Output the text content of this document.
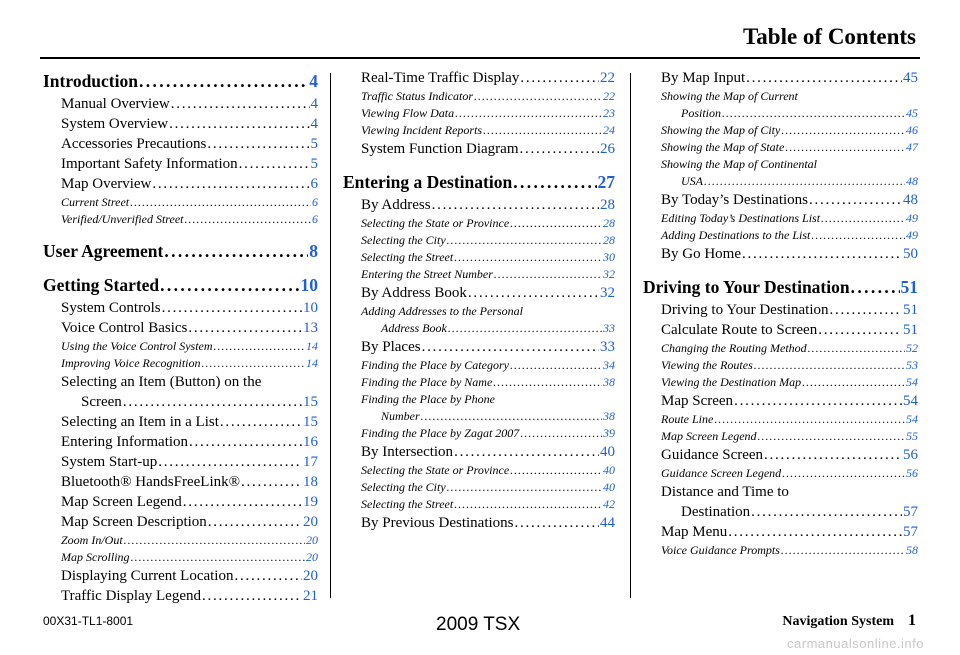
Table of Contents
Introduction . . .	4
Manual Overview . . .	4
System Overview . . .	4
Accessories Precautions . . .	5
Important Safety Information . . .	5
Map Overview . . .	6
Current Street . . .	6
Verified/Unverified Street . . .	6
User Agreement . . .	8
Getting Started . . .	10
System Controls . . .	10
Voice Control Basics . . .	13
Using the Voice Control System . . .	14
Improving Voice Recognition . . .	14
Selecting an Item (Button) on the
Screen . . .	15
Selecting an Item in a List . . .	15
Entering Information . . .	16
System Start-up . . .	17
Bluetooth® HandsFreeLink® . . .	18
Map Screen Legend . . .	19
Map Screen Description . . .	20
Zoom In/Out . . .	20
Map Scrolling . . .	20
Displaying Current Location . . .	20
Traffic Display Legend . . .	21
Real-Time Traffic Display . . .	22
Traffic Status Indicator . . .	22
Viewing Flow Data . . .	23
Viewing Incident Reports . . .	24
System Function Diagram . . .	26
Entering a Destination . . .	27
By Address . . .	28
Selecting the State or Province . . .	28
Selecting the City . . .	28
Selecting the Street . . .	30
Entering the Street Number . . .	32
By Address Book . . .	32
Adding Addresses to the Personal
Address Book . . .	33
By Places . . .	33
Finding the Place by Category . . .	34
Finding the Place by Name . . .	38
Finding the Place by Phone
Number . . .	38
Finding the Place by Zagat 2007 . . .	39
By Intersection . . .	40
Selecting the State or Province . . .	40
Selecting the City . . .	40
Selecting the Street . . .	42
By Previous Destinations . . .	44
By Map Input . . .	45
Showing the Map of Current
Position . . .	45
Showing the Map of City . . .	46
Showing the Map of State . . .	47
Showing the Map of Continental
USA . . .	48
By Today’s Destinations . . .	48
Editing Today’s Destinations List . . .	49
Adding Destinations to the List . . .	49
By Go Home . . .	50
Driving to Your Destination . . .	51
Driving to Your Destination . . .	51
Calculate Route to Screen . . .	51
Changing the Routing Method . . .	52
Viewing the Routes . . .	53
Viewing the Destination Map . . .	54
Map Screen . . .	54
Route Line . . .	54
Map Screen Legend . . .	55
Guidance Screen . . .	56
Guidance Screen Legend . . .	56
Distance and Time to
Destination . . .	57
Map Menu . . .	57
Voice Guidance Prompts . . .	58
00X31-TL1-8001	2009 TSX	Navigation System 1
carmanualsonline.info
